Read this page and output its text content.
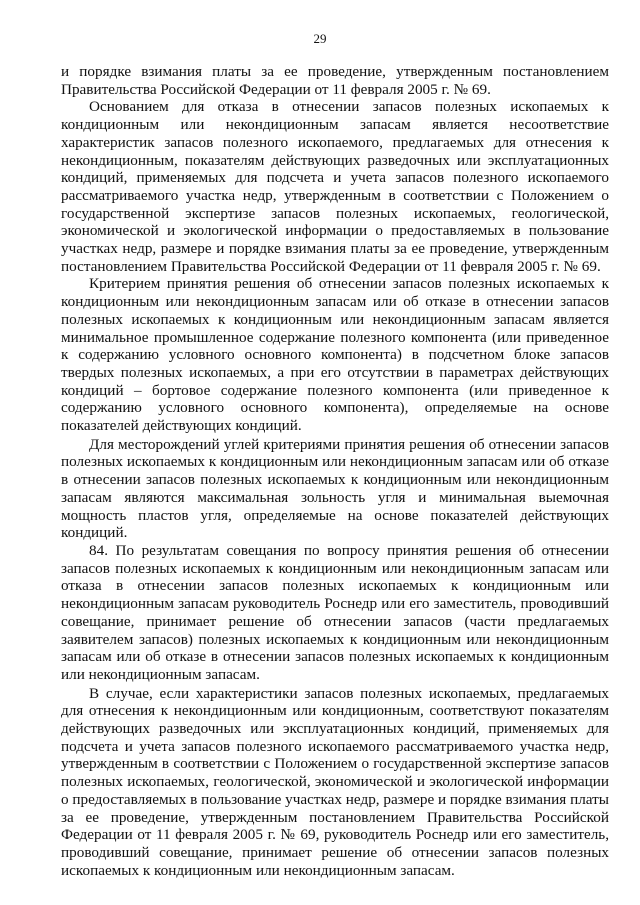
29

и порядке взимания платы за ее проведение, утвержденным постановлением Правительства Российской Федерации от 11 февраля 2005 г. № 69.

Основанием для отказа в отнесении запасов полезных ископаемых к кондиционным или некондиционным запасам является несоответствие характеристик запасов полезного ископаемого, предлагаемых для отнесения к некондиционным, показателям действующих разведочных или эксплуатационных кондиций, применяемых для подсчета и учета запасов полезного ископаемого рассматриваемого участка недр, утвержденным в соответствии с Положением о государственной экспертизе запасов полезных ископаемых, геологической, экономической и экологической информации о предоставляемых в пользование участках недр, размере и порядке взимания платы за ее проведение, утвержденным постановлением Правительства Российской Федерации от 11 февраля 2005 г. № 69.

Критерием принятия решения об отнесении запасов полезных ископаемых к кондиционным или некондиционным запасам или об отказе в отнесении запасов полезных ископаемых к кондиционным или некондиционным запасам является минимальное промышленное содержание полезного компонента (или приведенное к содержанию условного основного компонента) в подсчетном блоке запасов твердых полезных ископаемых, а при его отсутствии в параметрах действующих кондиций – бортовое содержание полезного компонента (или приведенное к содержанию условного основного компонента), определяемые на основе показателей действующих кондиций.

Для месторождений углей критериями принятия решения об отнесении запасов полезных ископаемых к кондиционным или некондиционным запасам или об отказе в отнесении запасов полезных ископаемых к кондиционным или некондиционным запасам являются максимальная зольность угля и минимальная выемочная мощность пластов угля, определяемые на основе показателей действующих кондиций.

84. По результатам совещания по вопросу принятия решения об отнесении запасов полезных ископаемых к кондиционным или некондиционным запасам или отказа в отнесении запасов полезных ископаемых к кондиционным или некондиционным запасам руководитель Роснедр или его заместитель, проводивший совещание, принимает решение об отнесении запасов (части предлагаемых заявителем запасов) полезных ископаемых к кондиционным или некондиционным запасам или об отказе в отнесении запасов полезных ископаемых к кондиционным или некондиционным запасам.

В случае, если характеристики запасов полезных ископаемых, предлагаемых для отнесения к некондиционным или кондиционным, соответствуют показателям действующих разведочных или эксплуатационных кондиций, применяемых для подсчета и учета запасов полезного ископаемого рассматриваемого участка недр, утвержденным в соответствии с Положением о государственной экспертизе запасов полезных ископаемых, геологической, экономической и экологической информации о предоставляемых в пользование участках недр, размере и порядке взимания платы за ее проведение, утвержденным постановлением Правительства Российской Федерации от 11 февраля 2005 г. № 69, руководитель Роснедр или его заместитель, проводивший совещание, принимает решение об отнесении запасов полезных ископаемых к кондиционным или некондиционным запасам.
